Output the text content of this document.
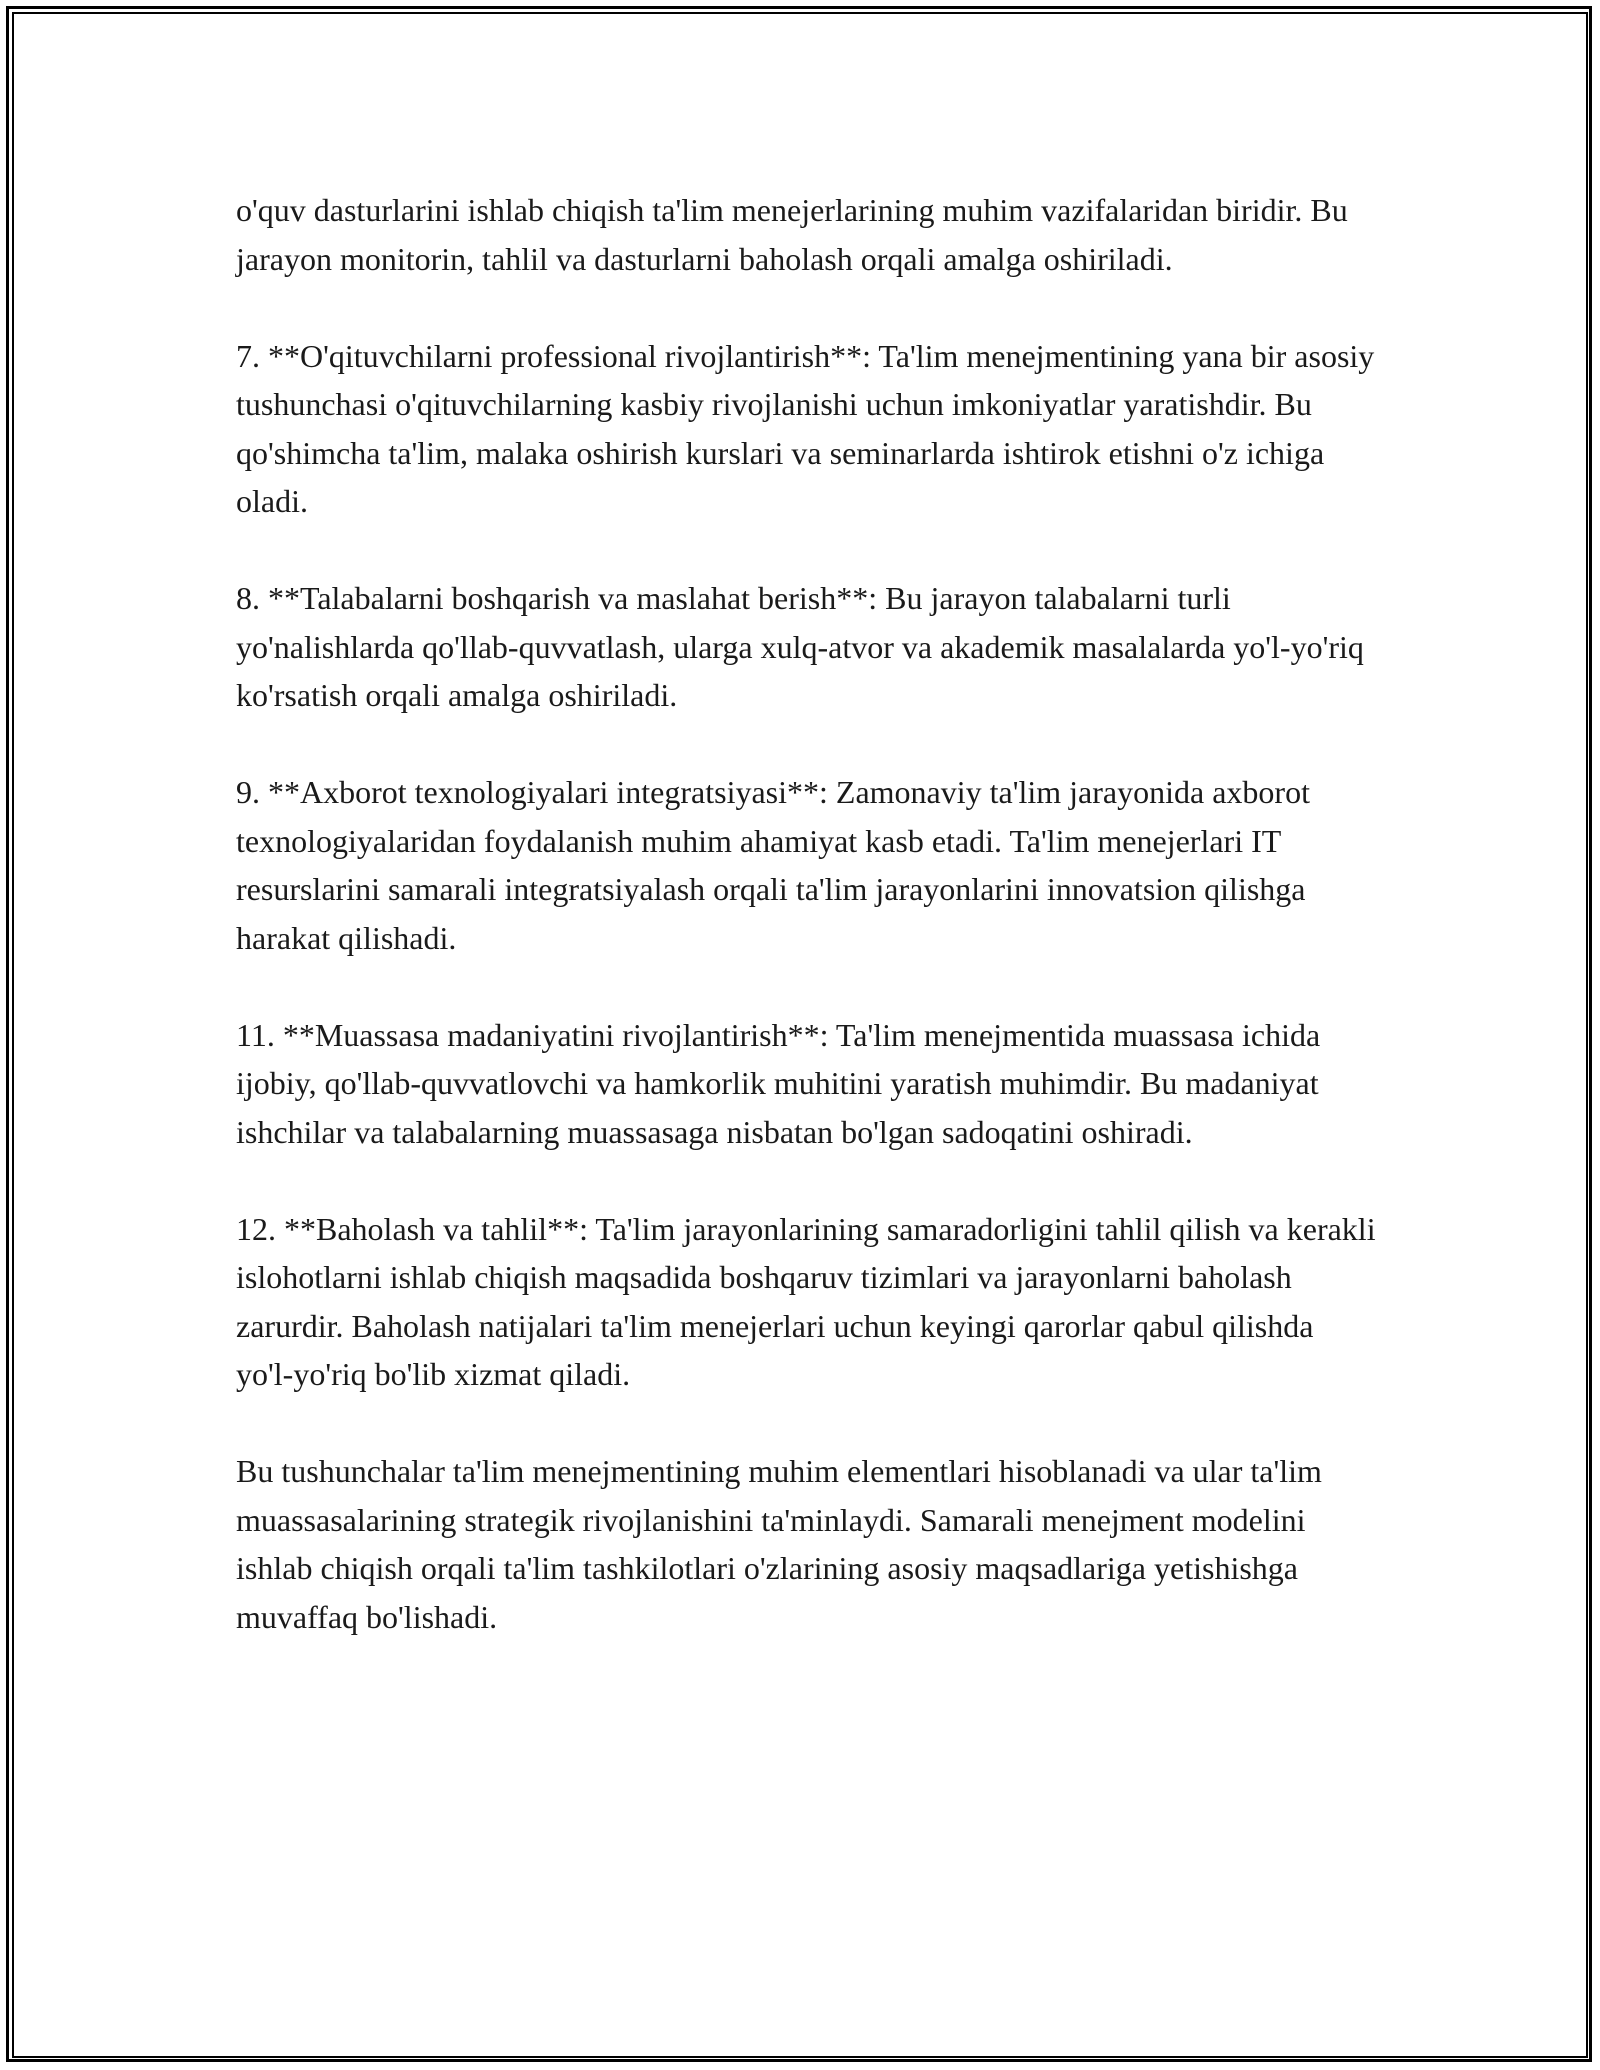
o'quv dasturlarini ishlab chiqish ta'lim menejerlarining muhim vazifalaridan biridir. Bu jarayon monitorin, tahlil va dasturlarni baholash orqali amalga oshiriladi.

7. **O'qituvchilarni professional rivojlantirish**: Ta'lim menejmentining yana bir asosiy tushunchasi o'qituvchilarning kasbiy rivojlanishi uchun imkoniyatlar yaratishdir. Bu qo'shimcha ta'lim, malaka oshirish kurslari va seminarlarda ishtirok etishni o'z ichiga oladi.

8. **Talabalarni boshqarish va maslahat berish**: Bu jarayon talabalarni turli yo'nalishlarda qo'llab-quvvatlash, ularga xulq-atvor va akademik masalalarda yo'l-yo'riq ko'rsatish orqali amalga oshiriladi.

9. **Axborot texnologiyalari integratsiyasi**: Zamonaviy ta'lim jarayonida axborot texnologiyalaridan foydalanish muhim ahamiyat kasb etadi. Ta'lim menejerlari IT resurslarini samarali integratsiyalash orqali ta'lim jarayonlarini innovatsion qilishga harakat qilishadi.

11. **Muassasa madaniyatini rivojlantirish**: Ta'lim menejmentida muassasa ichida ijobiy, qo'llab-quvvatlovchi va hamkorlik muhitini yaratish muhimdir. Bu madaniyat ishchilar va talabalarning muassasaga nisbatan bo'lgan sadoqatini oshiradi.

12. **Baholash va tahlil**: Ta'lim jarayonlarining samaradorligini tahlil qilish va kerakli islohotlarni ishlab chiqish maqsadida boshqaruv tizimlari va jarayonlarni baholash zarurdir. Baholash natijalari ta'lim menejerlari uchun keyingi qarorlar qabul qilishda yo'l-yo'riq bo'lib xizmat qiladi.

Bu tushunchalar ta'lim menejmentining muhim elementlari hisoblanadi va ular ta'lim muassasalarining strategik rivojlanishini ta'minlaydi. Samarali menejment modelini ishlab chiqish orqali ta'lim tashkilotlari o'zlarining asosiy maqsadlariga yetishishga muvaffaq bo'lishadi.
